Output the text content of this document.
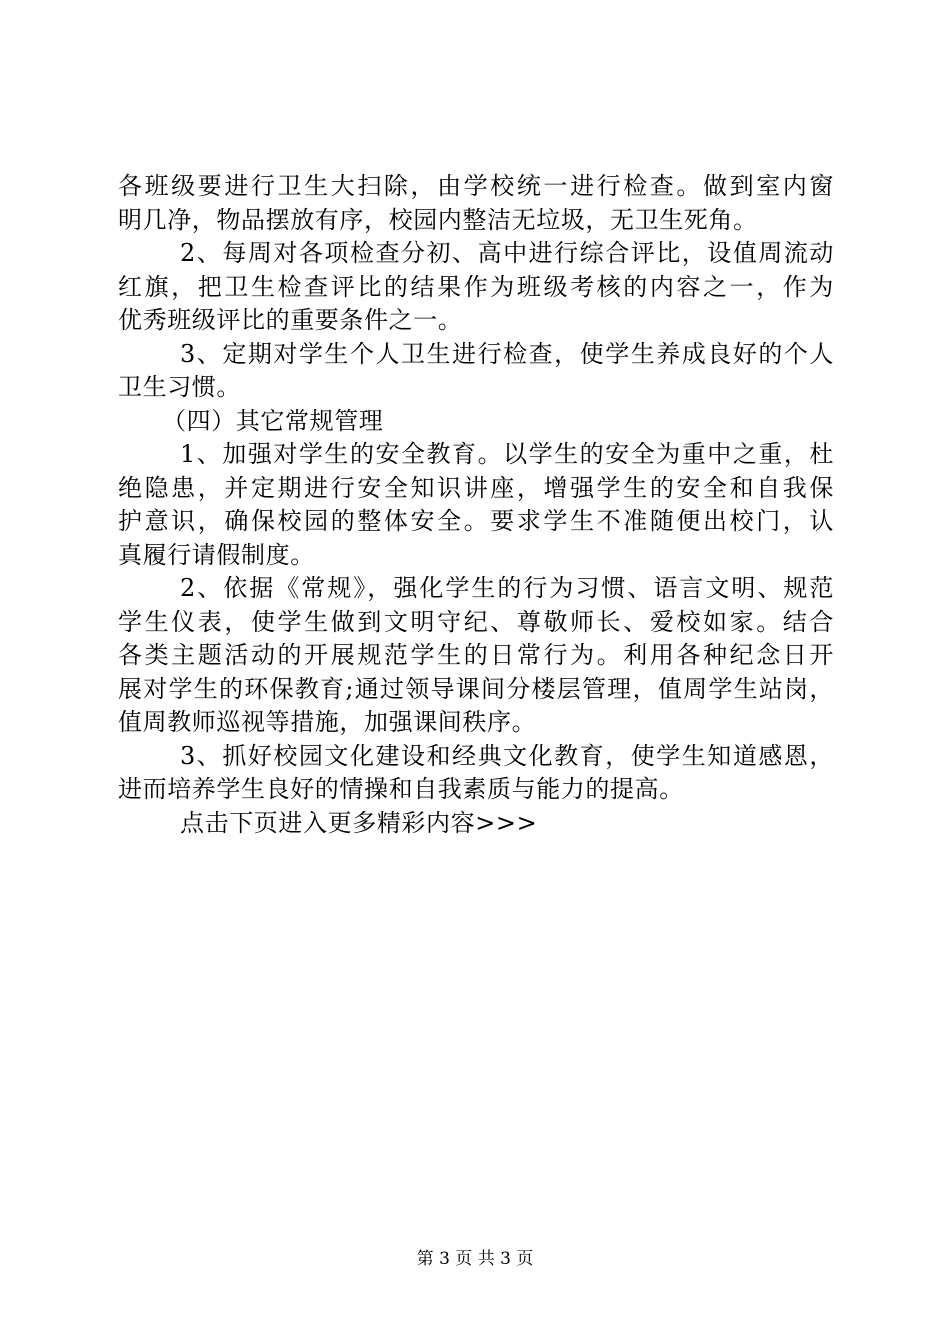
各班级要进行卫生大扫除，由学校统一进行检查。做到室内窗
明几净，物品摆放有序，校园内整洁无垃圾，无卫生死角。
2、每周对各项检查分初、高中进行综合评比，设值周流动
红旗，把卫生检查评比的结果作为班级考核的内容之一，作为
优秀班级评比的重要条件之一。
3、定期对学生个人卫生进行检查，使学生养成良好的个人
卫生习惯。
（四）其它常规管理
1、加强对学生的安全教育。以学生的安全为重中之重，杜
绝隐患，并定期进行安全知识讲座，增强学生的安全和自我保
护意识，确保校园的整体安全。要求学生不准随便出校门，认
真履行请假制度。
2、依据《常规》，强化学生的行为习惯、语言文明、规范
学生仪表，使学生做到文明守纪、尊敬师长、爱校如家。结合
各类主题活动的开展规范学生的日常行为。利用各种纪念日开
展对学生的环保教育;通过领导课间分楼层管理，值周学生站岗，
值周教师巡视等措施，加强课间秩序。
3、抓好校园文化建设和经典文化教育，使学生知道感恩，
进而培养学生良好的情操和自我素质与能力的提高。
点击下页进入更多精彩内容>>>
第 3 页 共 3 页
